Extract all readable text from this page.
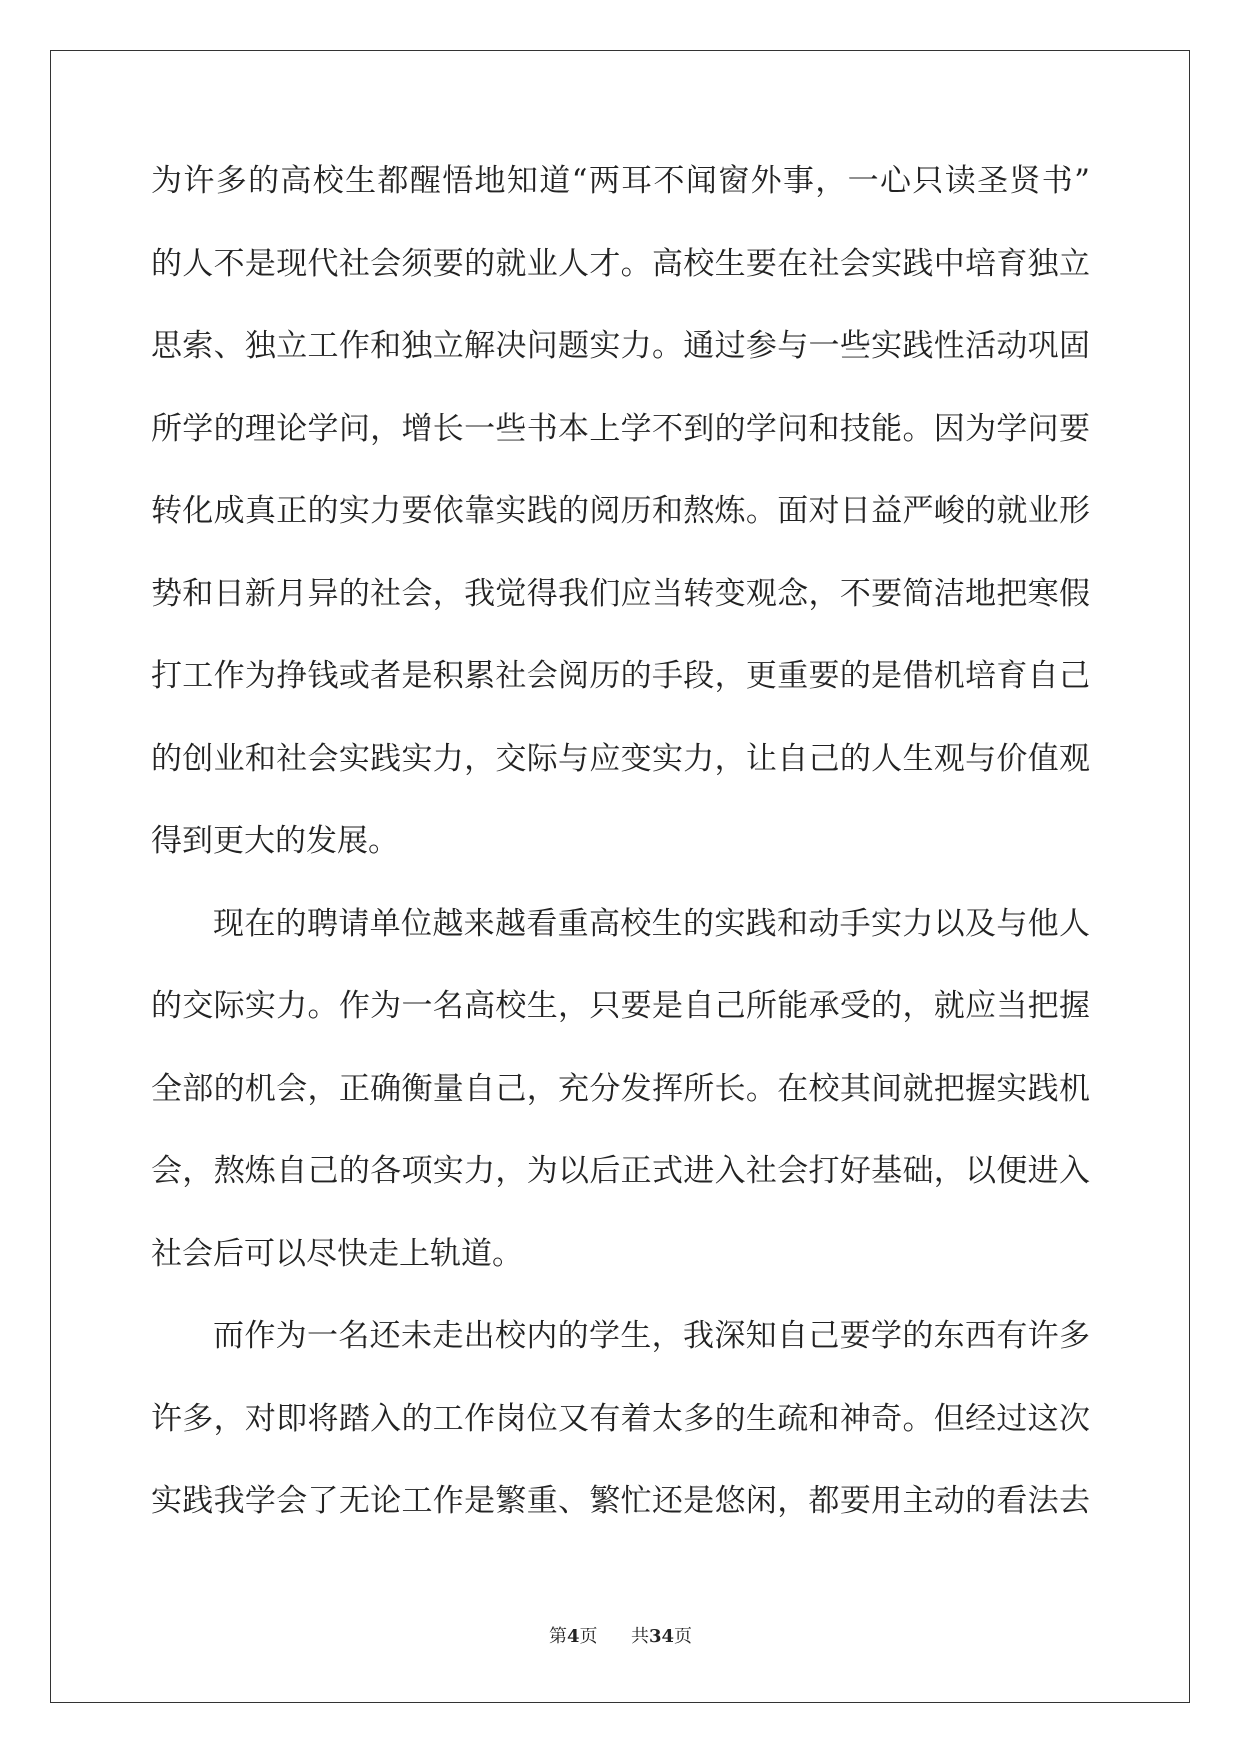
为许多的高校生都醒悟地知道“两耳不闻窗外事，一心只读圣贤书”
的人不是现代社会须要的就业人才。高校生要在社会实践中培育独立
思索、独立工作和独立解决问题实力。通过参与一些实践性活动巩固
所学的理论学问，增长一些书本上学不到的学问和技能。因为学问要
转化成真正的实力要依靠实践的阅历和熬炼。面对日益严峻的就业形
势和日新月异的社会，我觉得我们应当转变观念，不要简洁地把寒假
打工作为挣钱或者是积累社会阅历的手段，更重要的是借机培育自己
的创业和社会实践实力，交际与应变实力，让自己的人生观与价值观
得到更大的发展。
现在的聘请单位越来越看重高校生的实践和动手实力以及与他人
的交际实力。作为一名高校生，只要是自己所能承受的，就应当把握
全部的机会，正确衡量自己，充分发挥所长。在校其间就把握实践机
会，熬炼自己的各项实力，为以后正式进入社会打好基础，以便进入
社会后可以尽快走上轨道。
而作为一名还未走出校内的学生，我深知自己要学的东西有许多
许多，对即将踏入的工作岗位又有着太多的生疏和神奇。但经过这次
实践我学会了无论工作是繁重、繁忙还是悠闲，都要用主动的看法去
第4页 共34页
